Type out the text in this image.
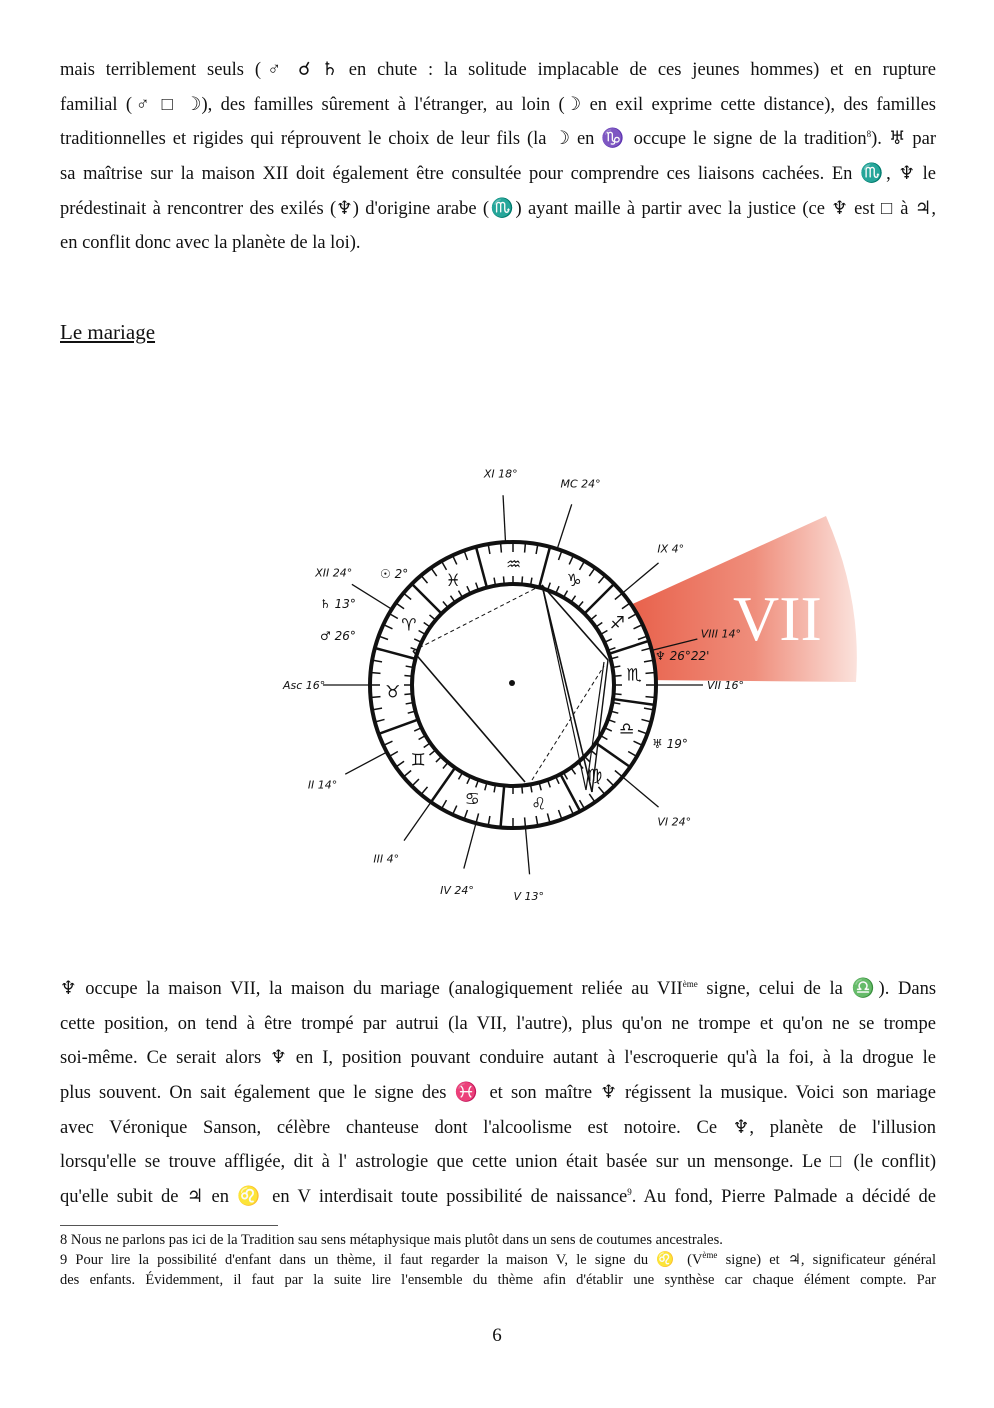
mais terriblement seuls (♂ ☌ ♄ en chute : la solitude implacable de ces jeunes hommes) et en rupture
familial (♂ □ ☽), des familles sûrement à l'étranger, au loin (☽ en exil exprime cette distance), des familles
traditionnelles et rigides qui réprouvent le choix de leur fils (la ☽ en ♑ occupe le signe de la tradition$^8$). ♅ par
sa maîtrise sur la maison XII doit également être consultée pour comprendre ces liaisons cachées. En ♏, ♆ le
prédestinait à rencontrer des exilés (♆) d'origine arabe (♏) ayant maille à partir avec la justice (ce ♆ est □ à ♃,
en conflit donc avec la planète de la loi).
Le mariage
VII
♒
♑
♐
♏
♎
♍
♌
♋
♊
♉
♈
♓
XI 18°
MC 24°
IX 4°
VIII 14°
VII 16°
VI 24°
V 13°
IV 24°
III 4°
II 14°
Asc 16°
XII 24°
♆ 26°22'
♅ 19°
☉ 2°
♄ 13°
♂ 26°
♆ occupe la maison VII, la maison du mariage (analogiquement reliée au VIIème signe, celui de la ♎). Dans
cette position, on tend à être trompé par autrui (la VII, l'autre), plus qu'on ne trompe et qu'on ne se trompe
soi-même. Ce serait alors ♆ en I, position pouvant conduire autant à l'escroquerie qu'à la foi, à la drogue le
plus souvent. On sait également que le signe des ♓ et son maître ♆ régissent la musique. Voici son mariage
avec Véronique Sanson, célèbre chanteuse dont l'alcoolisme est notoire. Ce ♆, planète de l'illusion
lorsqu'elle se trouve affligée, dit à l' astrologie que cette union était basée sur un mensonge. Le □ (le conflit)
qu'elle subit de ♃ en ♌ en V interdisait toute possibilité de naissance$^9$. Au fond, Pierre Palmade a décidé de
8 Nous ne parlons pas ici de la Tradition sau sens métaphysique mais plutôt dans un sens de coutumes ancestrales.
9 Pour lire la possibilité d'enfant dans un thème, il faut regarder la maison V, le signe du ♌ (Vème signe) et ♃, significateur général
des enfants. Évidemment, il faut par la suite lire l'ensemble du thème afin d'établir une synthèse car chaque élément compte. Par
6
